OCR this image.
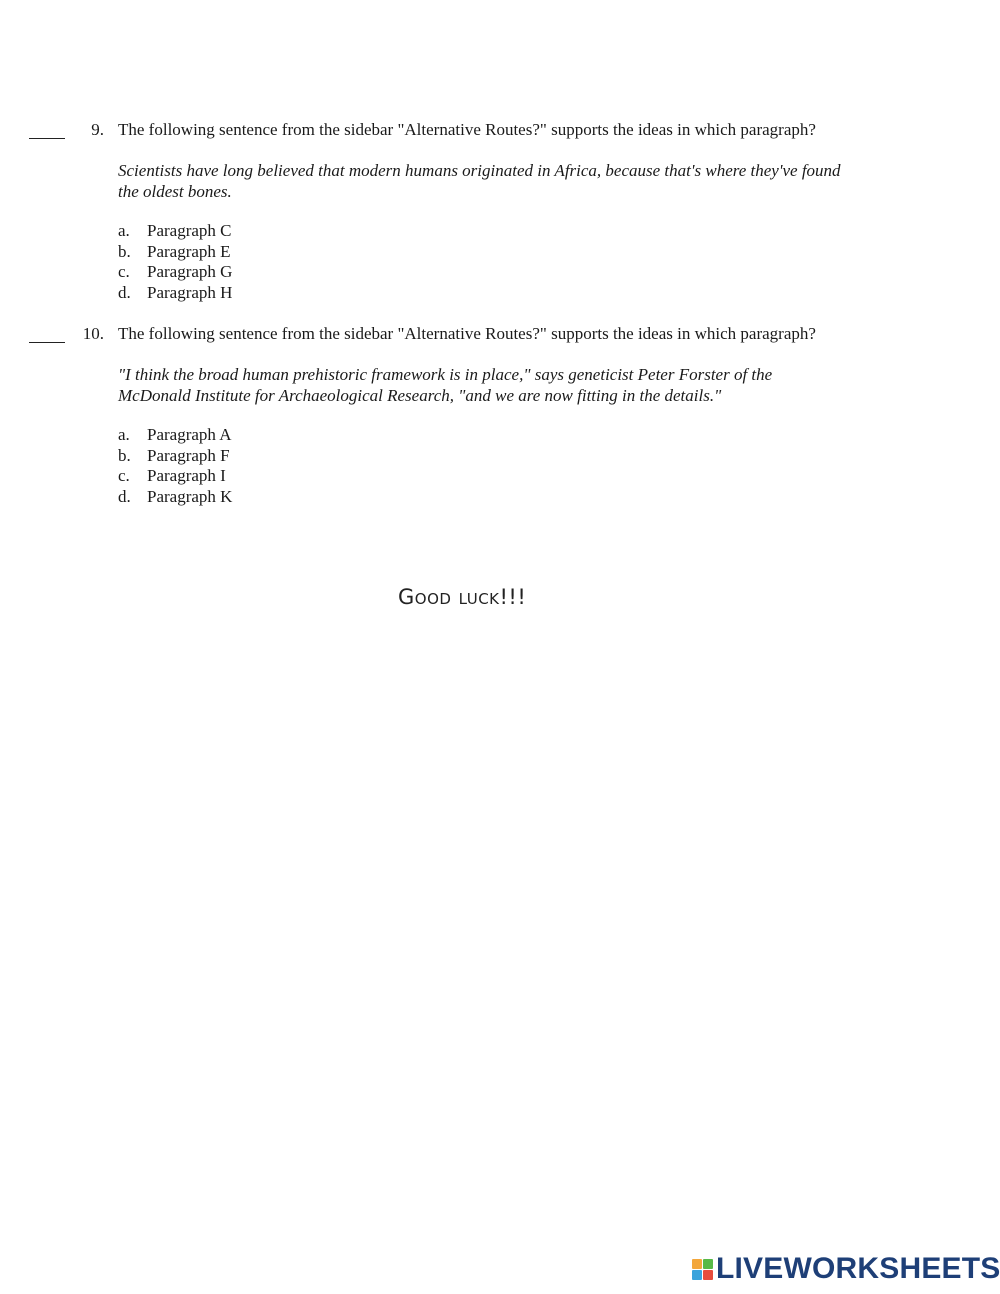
9. The following sentence from the sidebar "Alternative Routes?" supports the ideas in which paragraph?
Scientists have long believed that modern humans originated in Africa, because that's where they've found
the oldest bones.
a. Paragraph C
b. Paragraph E
c. Paragraph G
d. Paragraph H
10. The following sentence from the sidebar "Alternative Routes?" supports the ideas in which paragraph?
"I think the broad human prehistoric framework is in place," says geneticist Peter Forster of the
McDonald Institute for Archaeological Research, "and we are now fitting in the details."
a. Paragraph A
b. Paragraph F
c. Paragraph I
d. Paragraph K
Good luck!!!
LIVEWORKSHEETS
